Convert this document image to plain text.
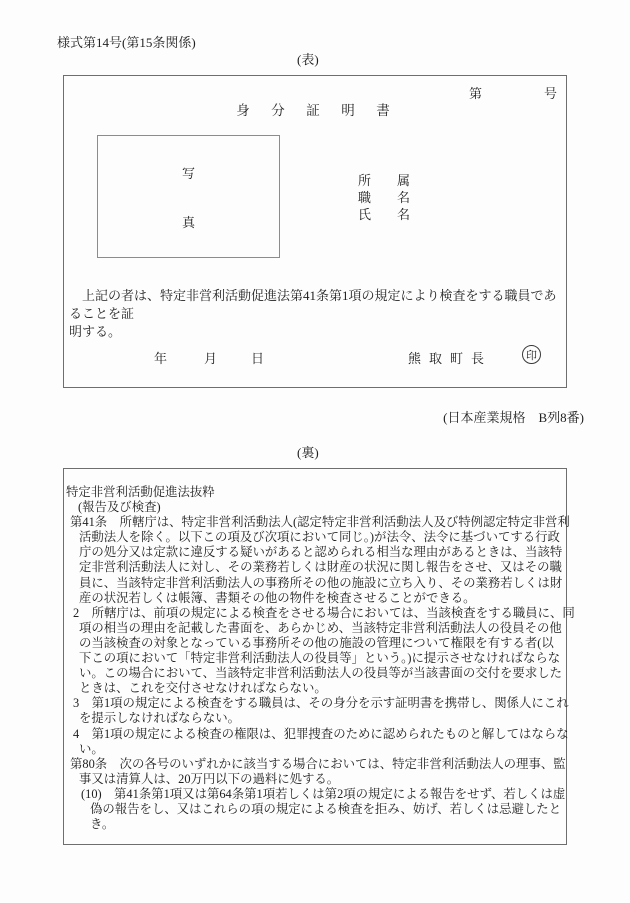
様式第14号(第15条関係)
(表)
第	号
身　分　証　明　書
写
真
所　　属
職　　名
氏　　名
上記の者は、特定非営利活動促進法第41条第1項の規定により検査をする職員であることを証
明する。
年	月	日	熊取町長	印
(日本産業規格　B列8番)
(裏)
特定非営利活動促進法抜粋
(報告及び検査)
第41条　所轄庁は、特定非営利活動法人(認定特定非営利活動法人及び特例認定特定非営利
活動法人を除く。以下この項及び次項において同じ。)が法令、法令に基づいてする行政
庁の処分又は定款に違反する疑いがあると認められる相当な理由があるときは、当該特
定非営利活動法人に対し、その業務若しくは財産の状況に関し報告をさせ、又はその職
員に、当該特定非営利活動法人の事務所その他の施設に立ち入り、その業務若しくは財
産の状況若しくは帳簿、書類その他の物件を検査させることができる。
2　所轄庁は、前項の規定による検査をさせる場合においては、当該検査をする職員に、同
項の相当の理由を記載した書面を、あらかじめ、当該特定非営利活動法人の役員その他
の当該検査の対象となっている事務所その他の施設の管理について権限を有する者(以
下この項において「特定非営利活動法人の役員等」という。)に提示させなければならな
い。この場合において、当該特定非営利活動法人の役員等が当該書面の交付を要求した
ときは、これを交付させなければならない。
3　第1項の規定による検査をする職員は、その身分を示す証明書を携帯し、関係人にこれ
を提示しなければならない。
4　第1項の規定による検査の権限は、犯罪捜査のために認められたものと解してはならな
い。
第80条　次の各号のいずれかに該当する場合においては、特定非営利活動法人の理事、監
事又は清算人は、20万円以下の過料に処する。
(10)　第41条第1項又は第64条第1項若しくは第2項の規定による報告をせず、若しくは虚
偽の報告をし、又はこれらの項の規定による検査を拒み、妨げ、若しくは忌避したと
き。
